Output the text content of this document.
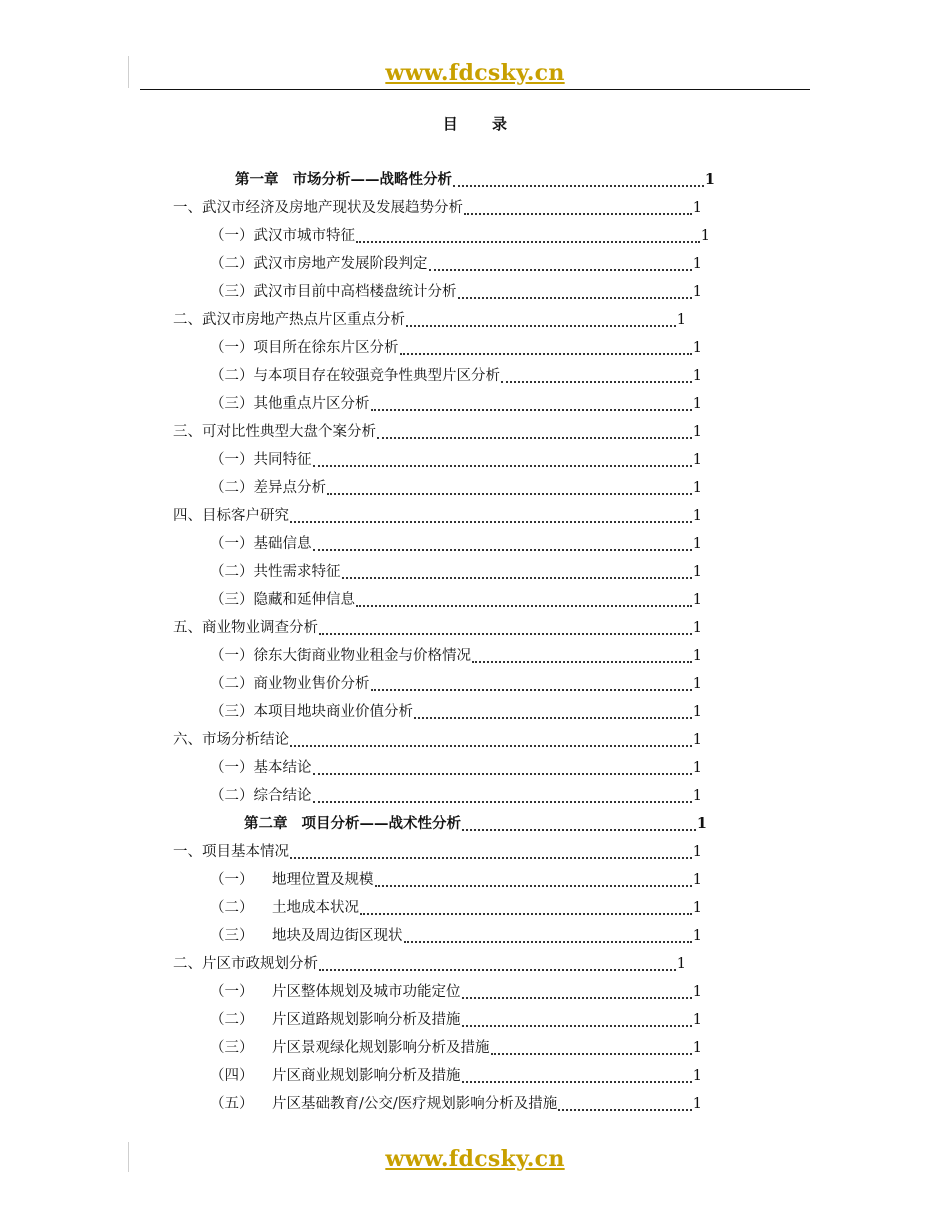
www.fdcsky.cn
目 录
第一章 市场分析——战略性分析	1
一、 武汉市经济及房地产现状及发展趋势分析	1
（一） 武汉市城市特征	1
（二） 武汉市房地产发展阶段判定	1
（三） 武汉市目前中高档楼盘统计分析	1
二、 武汉市房地产热点片区重点分析	1
（一） 项目所在徐东片区分析	1
（二） 与本项目存在较强竞争性典型片区分析	1
（三） 其他重点片区分析	1
三、 可对比性典型大盘个案分析	1
（一） 共同特征	1
（二） 差异点分析	1
四、 目标客户研究	1
（一） 基础信息	1
（二） 共性需求特征	1
（三） 隐藏和延伸信息	1
五、 商业物业调查分析	1
（一） 徐东大街商业物业租金与价格情况	1
（二） 商业物业售价分析	1
（三） 本项目地块商业价值分析	1
六、 市场分析结论	1
（一） 基本结论	1
（二） 综合结论	1
第二章 项目分析——战术性分析	1
一、 项目基本情况	1
（一）	地理位置及规模	1
（二）	土地成本状况	1
（三）	地块及周边街区现状	1
二、 片区市政规划分析	1
（一）	片区整体规划及城市功能定位	1
（二）	片区道路规划影响分析及措施	1
（三）	片区景观绿化规划影响分析及措施	1
（四）	片区商业规划影响分析及措施	1
（五）	片区基础教育/公交/医疗规划影响分析及措施	1
www.fdcsky.cn
